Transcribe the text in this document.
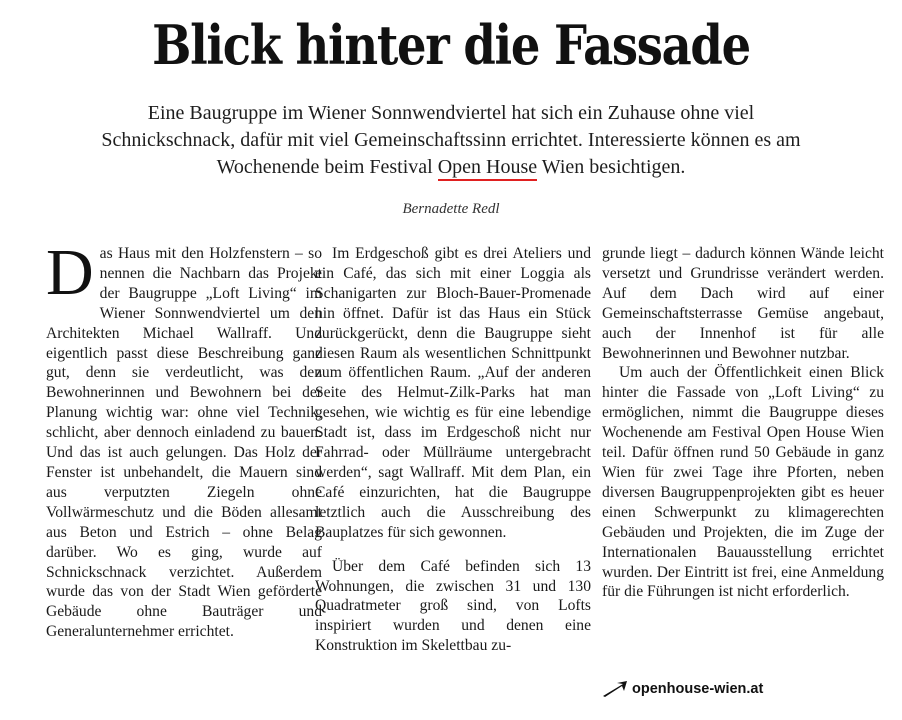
Blick hinter die Fassade
Eine Baugruppe im Wiener Sonnwendviertel hat sich ein Zuhause ohne viel Schnickschnack, dafür mit viel Gemeinschaftssinn errichtet. Interessierte können es am Wochenende beim Festival Open House Wien besichtigen.
Bernadette Redl

Das Haus mit den Holzfenstern – so nennen die Nachbarn das Projekt der Baugruppe „Loft Living“ im Wiener Sonnwendviertel um den Architekten Michael Wallraff. Und eigentlich passt diese Beschreibung ganz gut, denn sie verdeutlicht, was den Bewohnerinnen und Bewohnern bei der Planung wichtig war: ohne viel Technik, schlicht, aber dennoch einladend zu bauen. Und das ist auch gelungen. Das Holz der Fenster ist unbehandelt, die Mauern sind aus verputzten Ziegeln ohne Vollwärmeschutz und die Böden allesamt aus Beton und Estrich – ohne Belag darüber. Wo es ging, wurde auf Schnickschnack verzichtet. Außerdem wurde das von der Stadt Wien geförderte Gebäude ohne Bauträger und Generalunternehmer errichtet.

Im Erdgeschoß gibt es drei Ateliers und ein Café, das sich mit einer Loggia als Schanigarten zur Bloch-Bauer-Promenade hin öffnet. Dafür ist das Haus ein Stück zurückgerückt, denn die Baugruppe sieht diesen Raum als wesentlichen Schnittpunkt zum öffentlichen Raum. „Auf der anderen Seite des Helmut-Zilk-Parks hat man gesehen, wie wichtig es für eine lebendige Stadt ist, dass im Erdgeschoß nicht nur Fahrrad- oder Müllräume untergebracht werden“, sagt Wallraff. Mit dem Plan, ein Café einzurichten, hat die Baugruppe letztlich auch die Ausschreibung des Bauplatzes für sich gewonnen.

Über dem Café befinden sich 13 Wohnungen, die zwischen 31 und 130 Quadratmeter groß sind, von Lofts inspiriert wurden und denen eine Konstruktion im Skelettbau zu-

grunde liegt – dadurch können Wände leicht versetzt und Grundrisse verändert werden. Auf dem Dach wird auf einer Gemeinschaftsterrasse Gemüse angebaut, auch der Innenhof ist für alle Bewohnerinnen und Bewohner nutzbar.

Um auch der Öffentlichkeit einen Blick hinter die Fassade von „Loft Living“ zu ermöglichen, nimmt die Baugruppe dieses Wochenende am Festival Open House Wien teil. Dafür öffnen rund 50 Gebäude in ganz Wien für zwei Tage ihre Pforten, neben diversen Baugruppenprojekten gibt es heuer einen Schwerpunkt zu klimagerechten Gebäuden und Projekten, die im Zuge der Internationalen Bauausstellung errichtet wurden. Der Eintritt ist frei, eine Anmeldung für die Führungen ist nicht erforderlich.

openhouse-wien.at
